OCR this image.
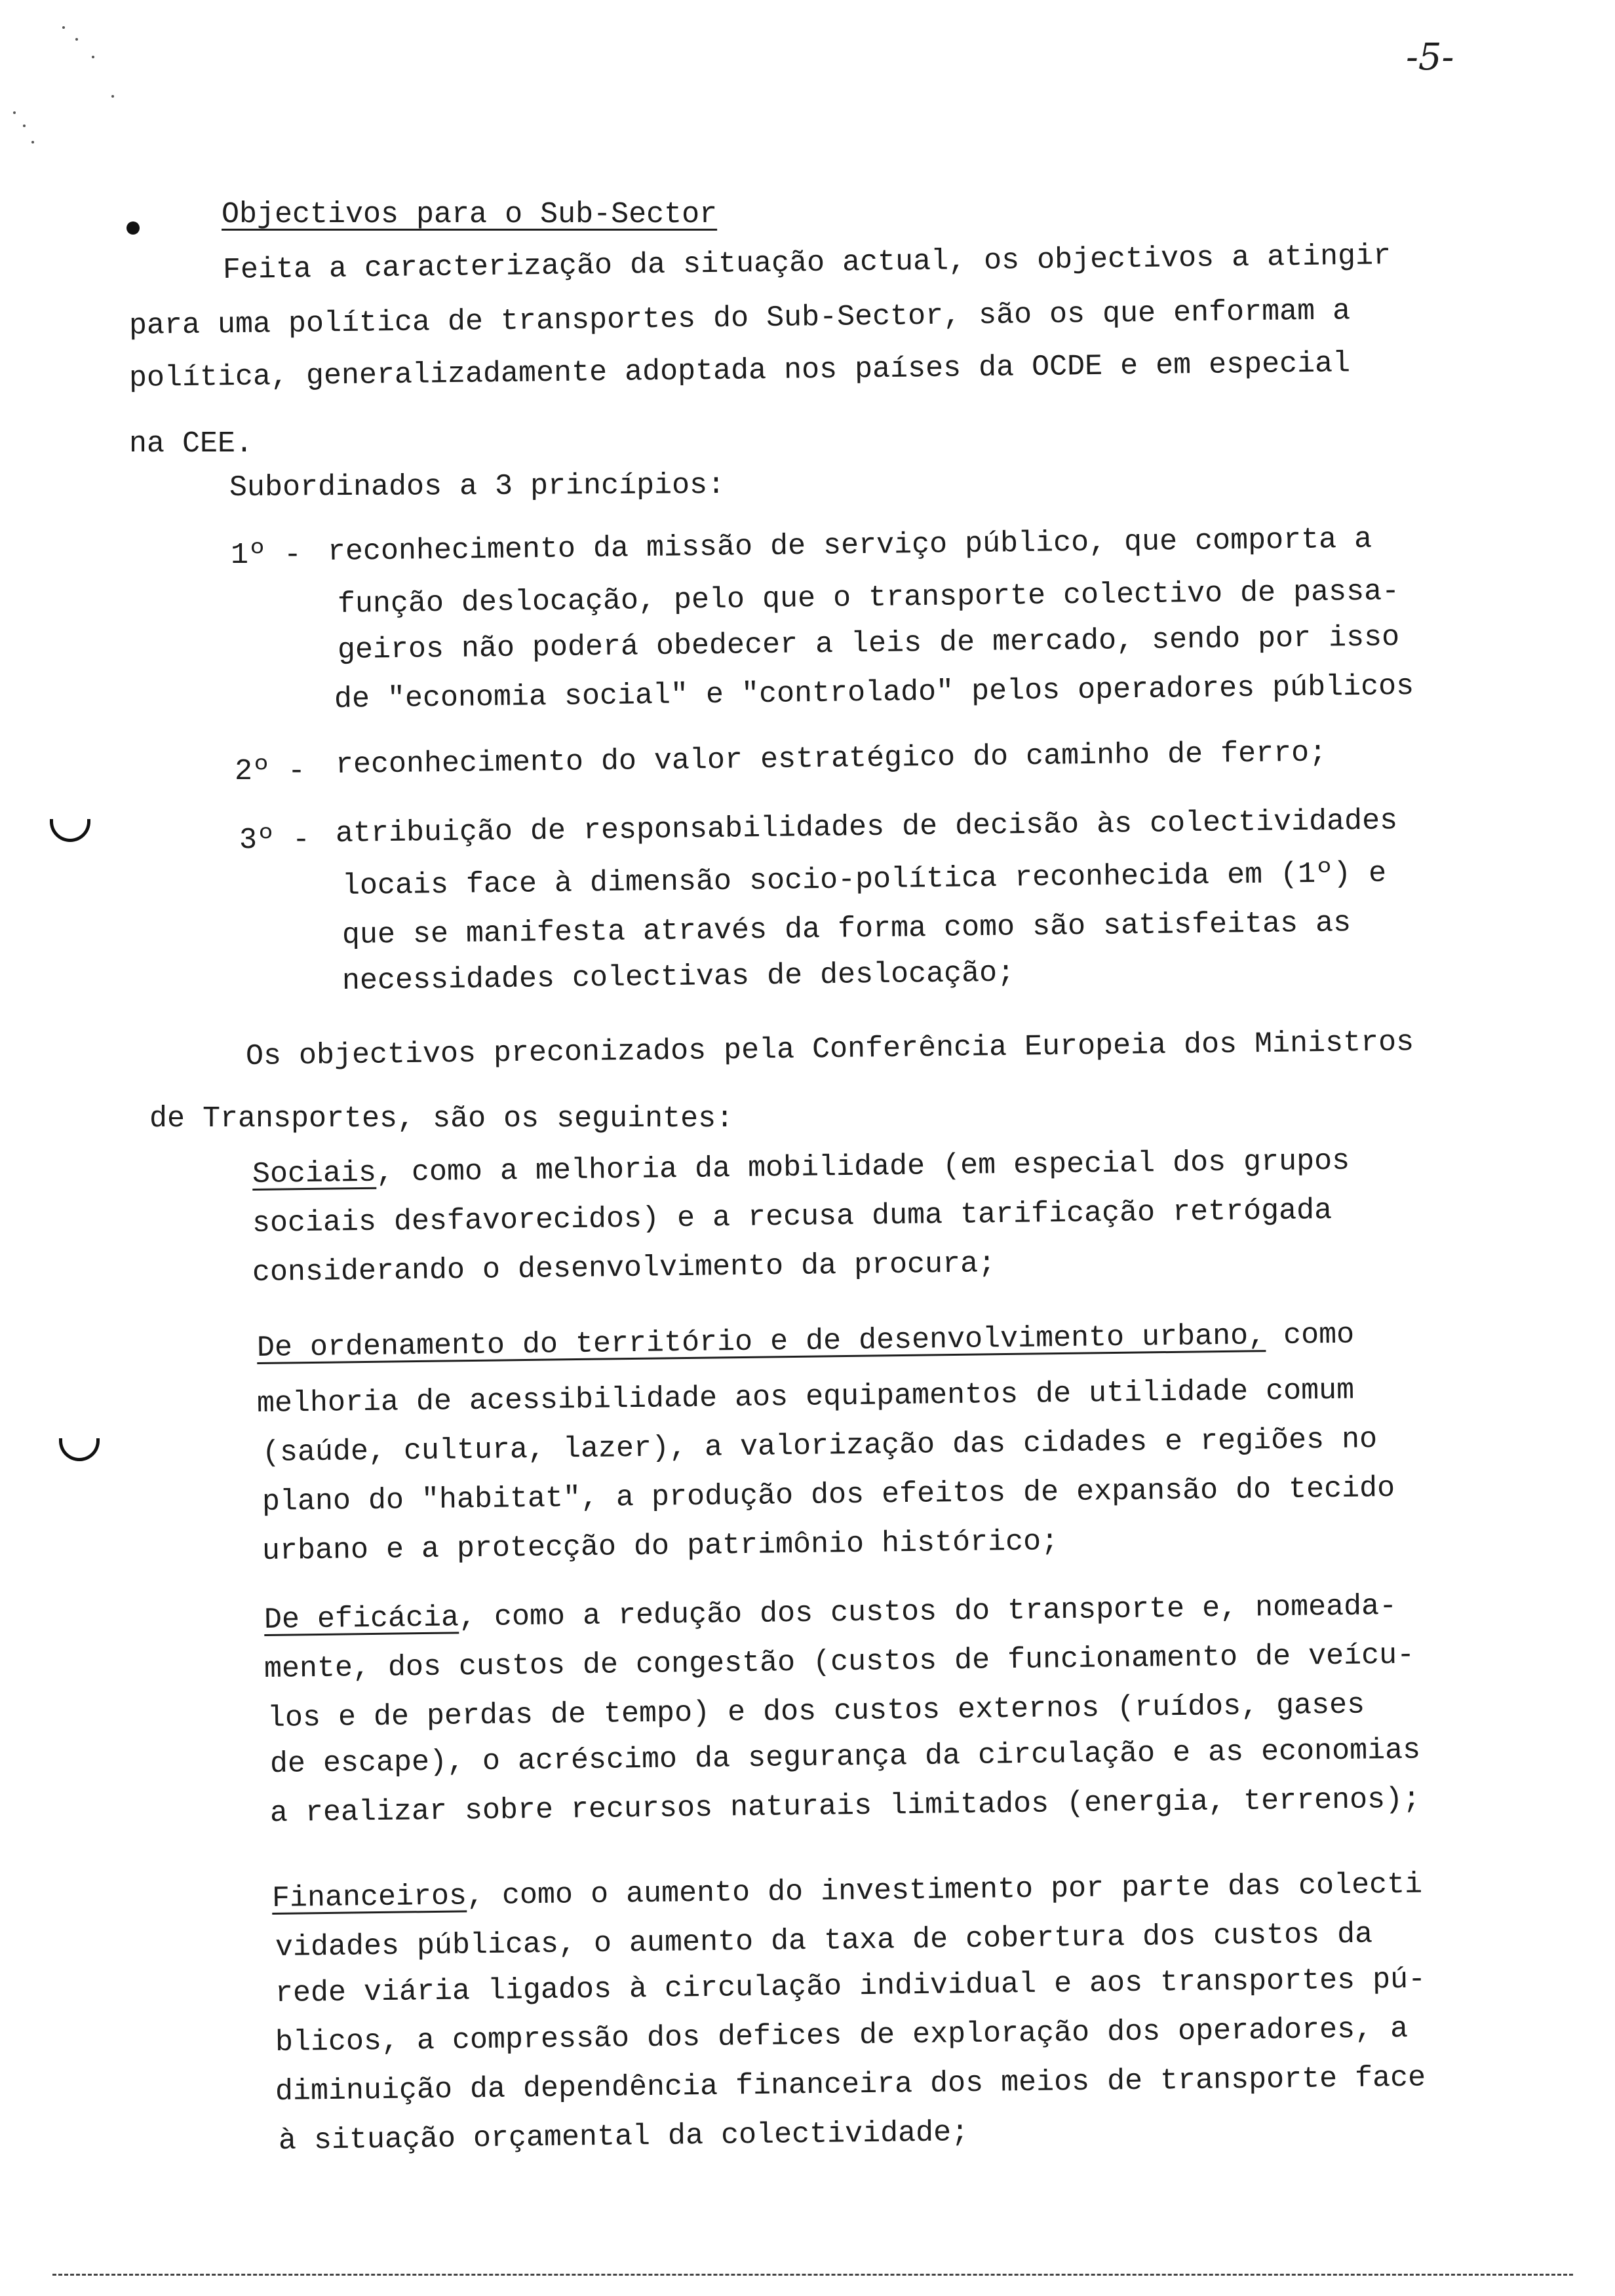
-5-
Objectivos para o Sub-Sector
Feita a caracterização da situação actual, os objectivos a atingir
para uma política de transportes do Sub-Sector, são os que enformam a
política, generalizadamente adoptada nos países da OCDE e em especial
na CEE.
Subordinados a 3 princípios:
1º - reconhecimento da missão de serviço público, que comporta a
função deslocação, pelo que o transporte colectivo de passa-
geiros não poderá obedecer a leis de mercado, sendo por isso
de "economia social" e "controlado" pelos operadores públicos
2º - reconhecimento do valor estratégico do caminho de ferro;
3º - atribuição de responsabilidades de decisão às colectividades
locais face à dimensão socio-política reconhecida em (1º) e
que se manifesta através da forma como são satisfeitas as
necessidades colectivas de deslocação;
Os objectivos preconizados pela Conferência Europeia dos Ministros
de Transportes, são os seguintes:
Sociais, como a melhoria da mobilidade (em especial dos grupos
sociais desfavorecidos) e a recusa duma tarificação retrógada
considerando o desenvolvimento da procura;
De ordenamento do território e de desenvolvimento urbano, como
melhoria de acessibilidade aos equipamentos de utilidade comum
(saúde, cultura, lazer), a valorização das cidades e regiões no
plano do "habitat", a produção dos efeitos de expansão do tecido
urbano e a protecção do patrimônio histórico;
De eficácia, como a redução dos custos do transporte e, nomeada-
mente, dos custos de congestão (custos de funcionamento de veícu-
los e de perdas de tempo) e dos custos externos (ruídos, gases
de escape), o acréscimo da segurança da circulação e as economias
a realizar sobre recursos naturais limitados (energia, terrenos);
Financeiros, como o aumento do investimento por parte das colecti
vidades públicas, o aumento da taxa de cobertura dos custos da
rede viária ligados à circulação individual e aos transportes pú-
blicos, a compressão dos defices de exploração dos operadores, a
diminuição da dependência financeira dos meios de transporte face
à situação orçamental da colectividade;
